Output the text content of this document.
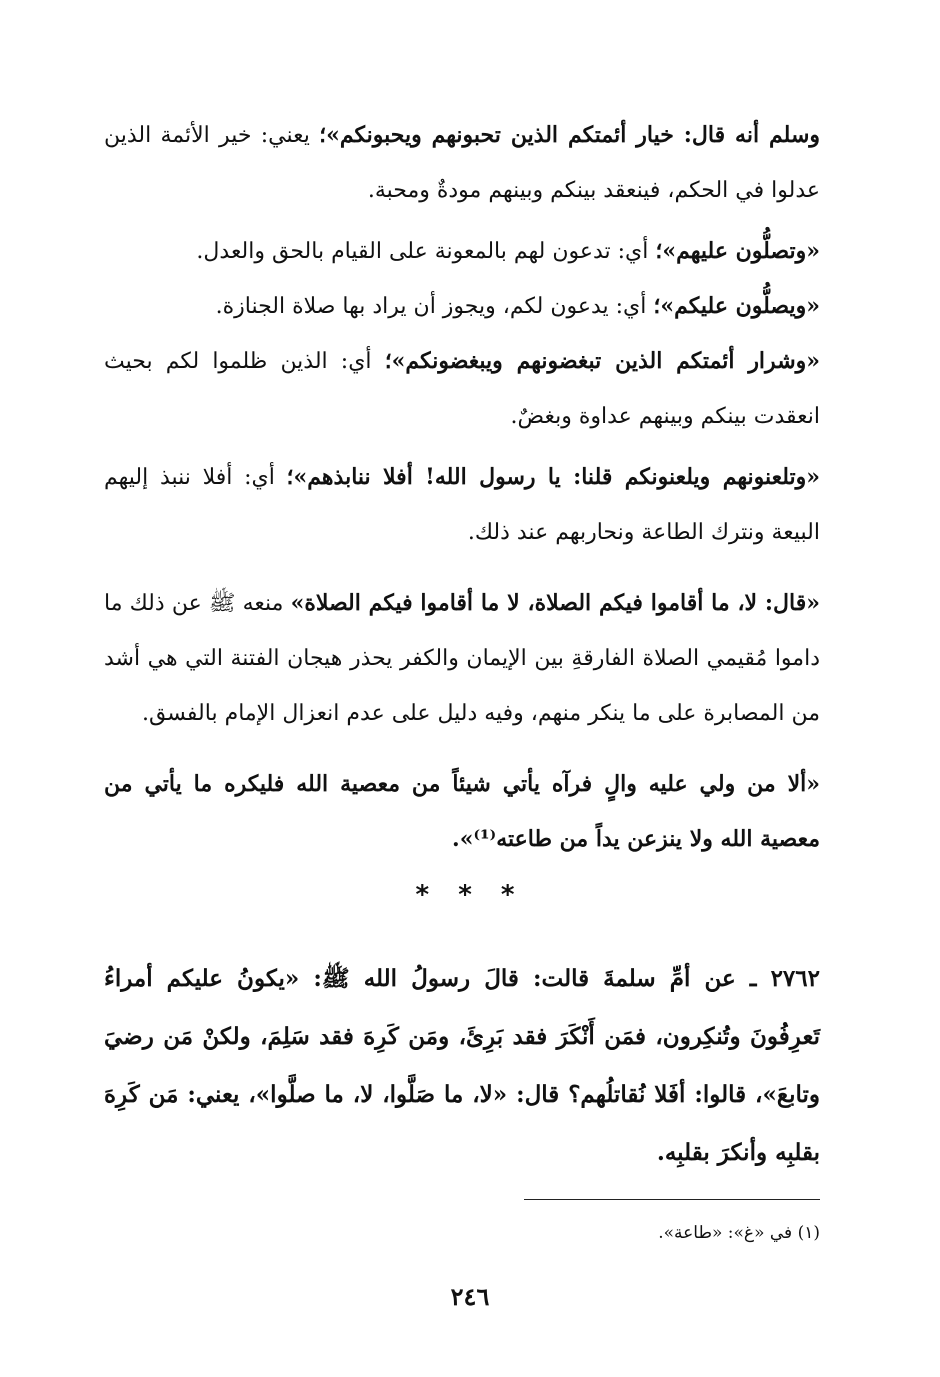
وسلم أنه قال: خيار أئمتكم الذين تحبونهم ويحبونكم»؛ يعني: خير الأئمة الذين عدلوا في الحكم، فينعقد بينكم وبينهم مودةٌ ومحبة.

«وتصلُّون عليهم»؛ أي: تدعون لهم بالمعونة على القيام بالحق والعدل.

«ويصلُّون عليكم»؛ أي: يدعون لكم، ويجوز أن يراد بها صلاة الجنازة.

«وشرار أئمتكم الذين تبغضونهم ويبغضونكم»؛ أي: الذين ظلموا لكم بحيث انعقدت بينكم وبينهم عداوة وبغضٌ.

«وتلعنونهم ويلعنونكم قلنا: يا رسول الله! أفلا ننابذهم»؛ أي: أفلا ننبذ إليهم البيعة ونترك الطاعة ونحاربهم عند ذلك.

«قال: لا، ما أقاموا فيكم الصلاة، لا ما أقاموا فيكم الصلاة» منعه ﷺ عن ذلك ما داموا مُقيمي الصلاة الفارقةِ بين الإيمان والكفر يحذر هيجان الفتنة التي هي أشد من المصابرة على ما ينكر منهم، وفيه دليل على عدم انعزال الإمام بالفسق.

«ألا من ولي عليه والٍ فرآه يأتي شيئاً من معصية الله فليكره ما يأتي من معصية الله ولا ينزعن يداً من طاعته⁽¹⁾».

* * *
٢٧٦٢ ـ عن أمِّ سلمةَ قالت: قالَ رسولُ الله ﷺ: «يكونُ عليكم أمراءُ تَعرِفُونَ وتُنكِرون، فمَن أَنْكَرَ فقد بَرِئَ، ومَن كَرِهَ فقد سَلِمَ، ولكنْ مَن رضيَ وتابعَ»، قالوا: أفَلا نُقاتلُهم؟ قال: «لا، ما صَلَّوا، لا، ما صلَّوا»، يعني: مَن كَرِهَ بقلبِه وأنكرَ بقلبِه.
(١) في «غ»: «طاعة».
٢٤٦
